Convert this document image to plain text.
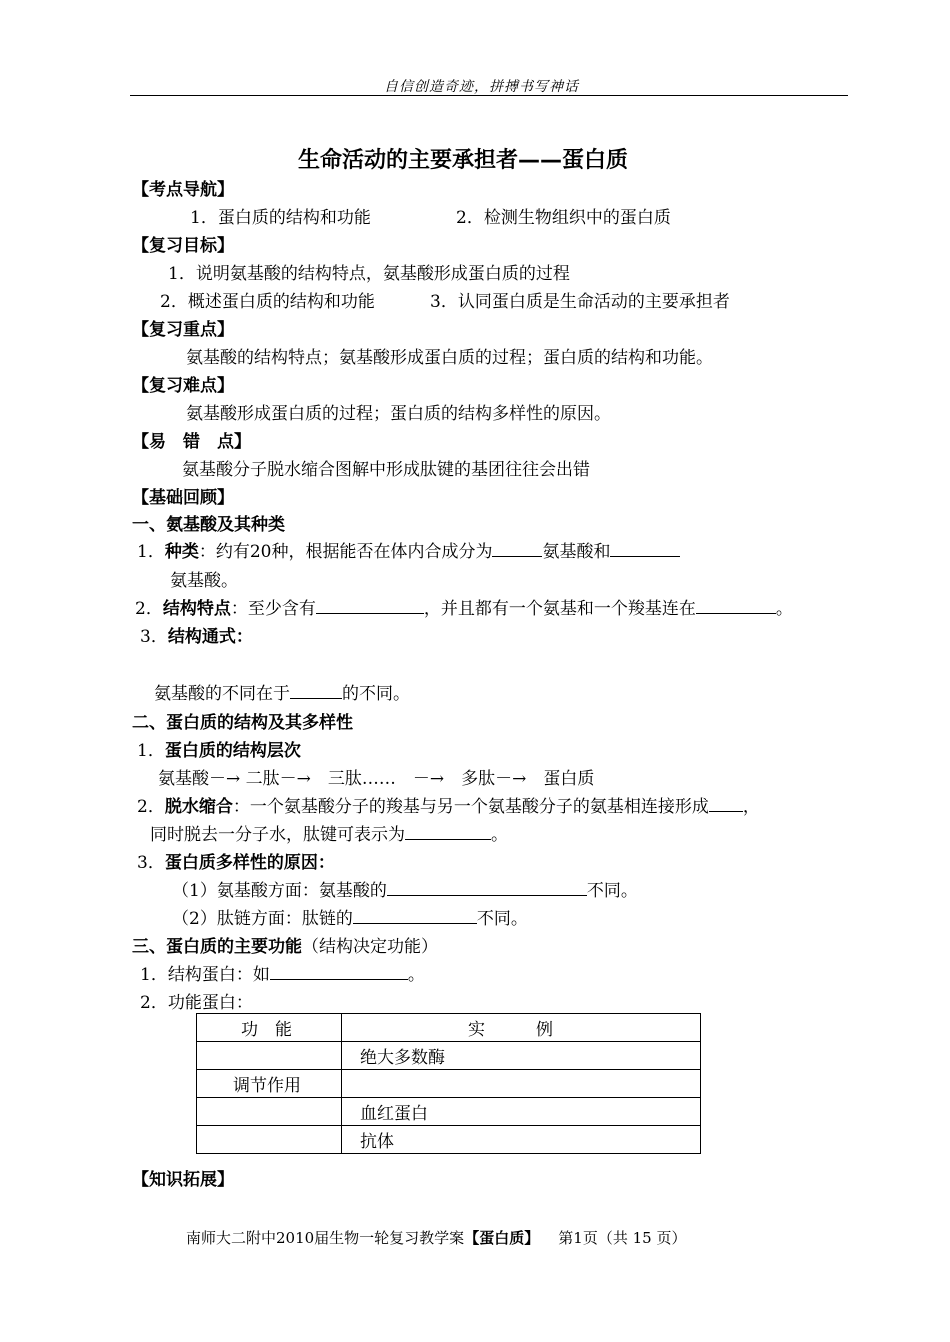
自信创造奇迹，拼搏书写神话
生命活动的主要承担者——蛋白质
【考点导航】
1．蛋白质的结构和功能	2．检测生物组织中的蛋白质
【复习目标】
1．说明氨基酸的结构特点，氨基酸形成蛋白质的过程
2．概述蛋白质的结构和功能	3．认同蛋白质是生命活动的主要承担者
【复习重点】
氨基酸的结构特点；氨基酸形成蛋白质的过程；蛋白质的结构和功能。
【复习难点】
氨基酸形成蛋白质的过程；蛋白质的结构多样性的原因。
【易　错　点】
氨基酸分子脱水缩合图解中形成肽键的基团往往会出错
【基础回顾】
一、氨基酸及其种类
1．种类：约有20种，根据能否在体内合成分为	氨基酸和
氨基酸。
2．结构特点：至少含有	，并且都有一个氨基和一个羧基连在	。
3．结构通式：
氨基酸的不同在于	的不同。
二、蛋白质的结构及其多样性
1．蛋白质的结构层次
氨基酸－→ 二肽－→　三肽……　－→　多肽－→　蛋白质
2．脱水缩合：一个氨基酸分子的羧基与另一个氨基酸分子的氨基相连接形成 ，
同时脱去一分子水，肽键可表示为	。
3．蛋白质多样性的原因：
（1）氨基酸方面：氨基酸的	不同。
（2）肽链方面：肽链的	不同。
三、蛋白质的主要功能（结构决定功能）
1．结构蛋白：如	。
2．功能蛋白：
功　能	实　　　例
	绝大多数酶
调节作用	
	血红蛋白
	抗体
【知识拓展】
南师大二附中2010届生物一轮复习教学案【蛋白质】 第1页（共 15 页）
